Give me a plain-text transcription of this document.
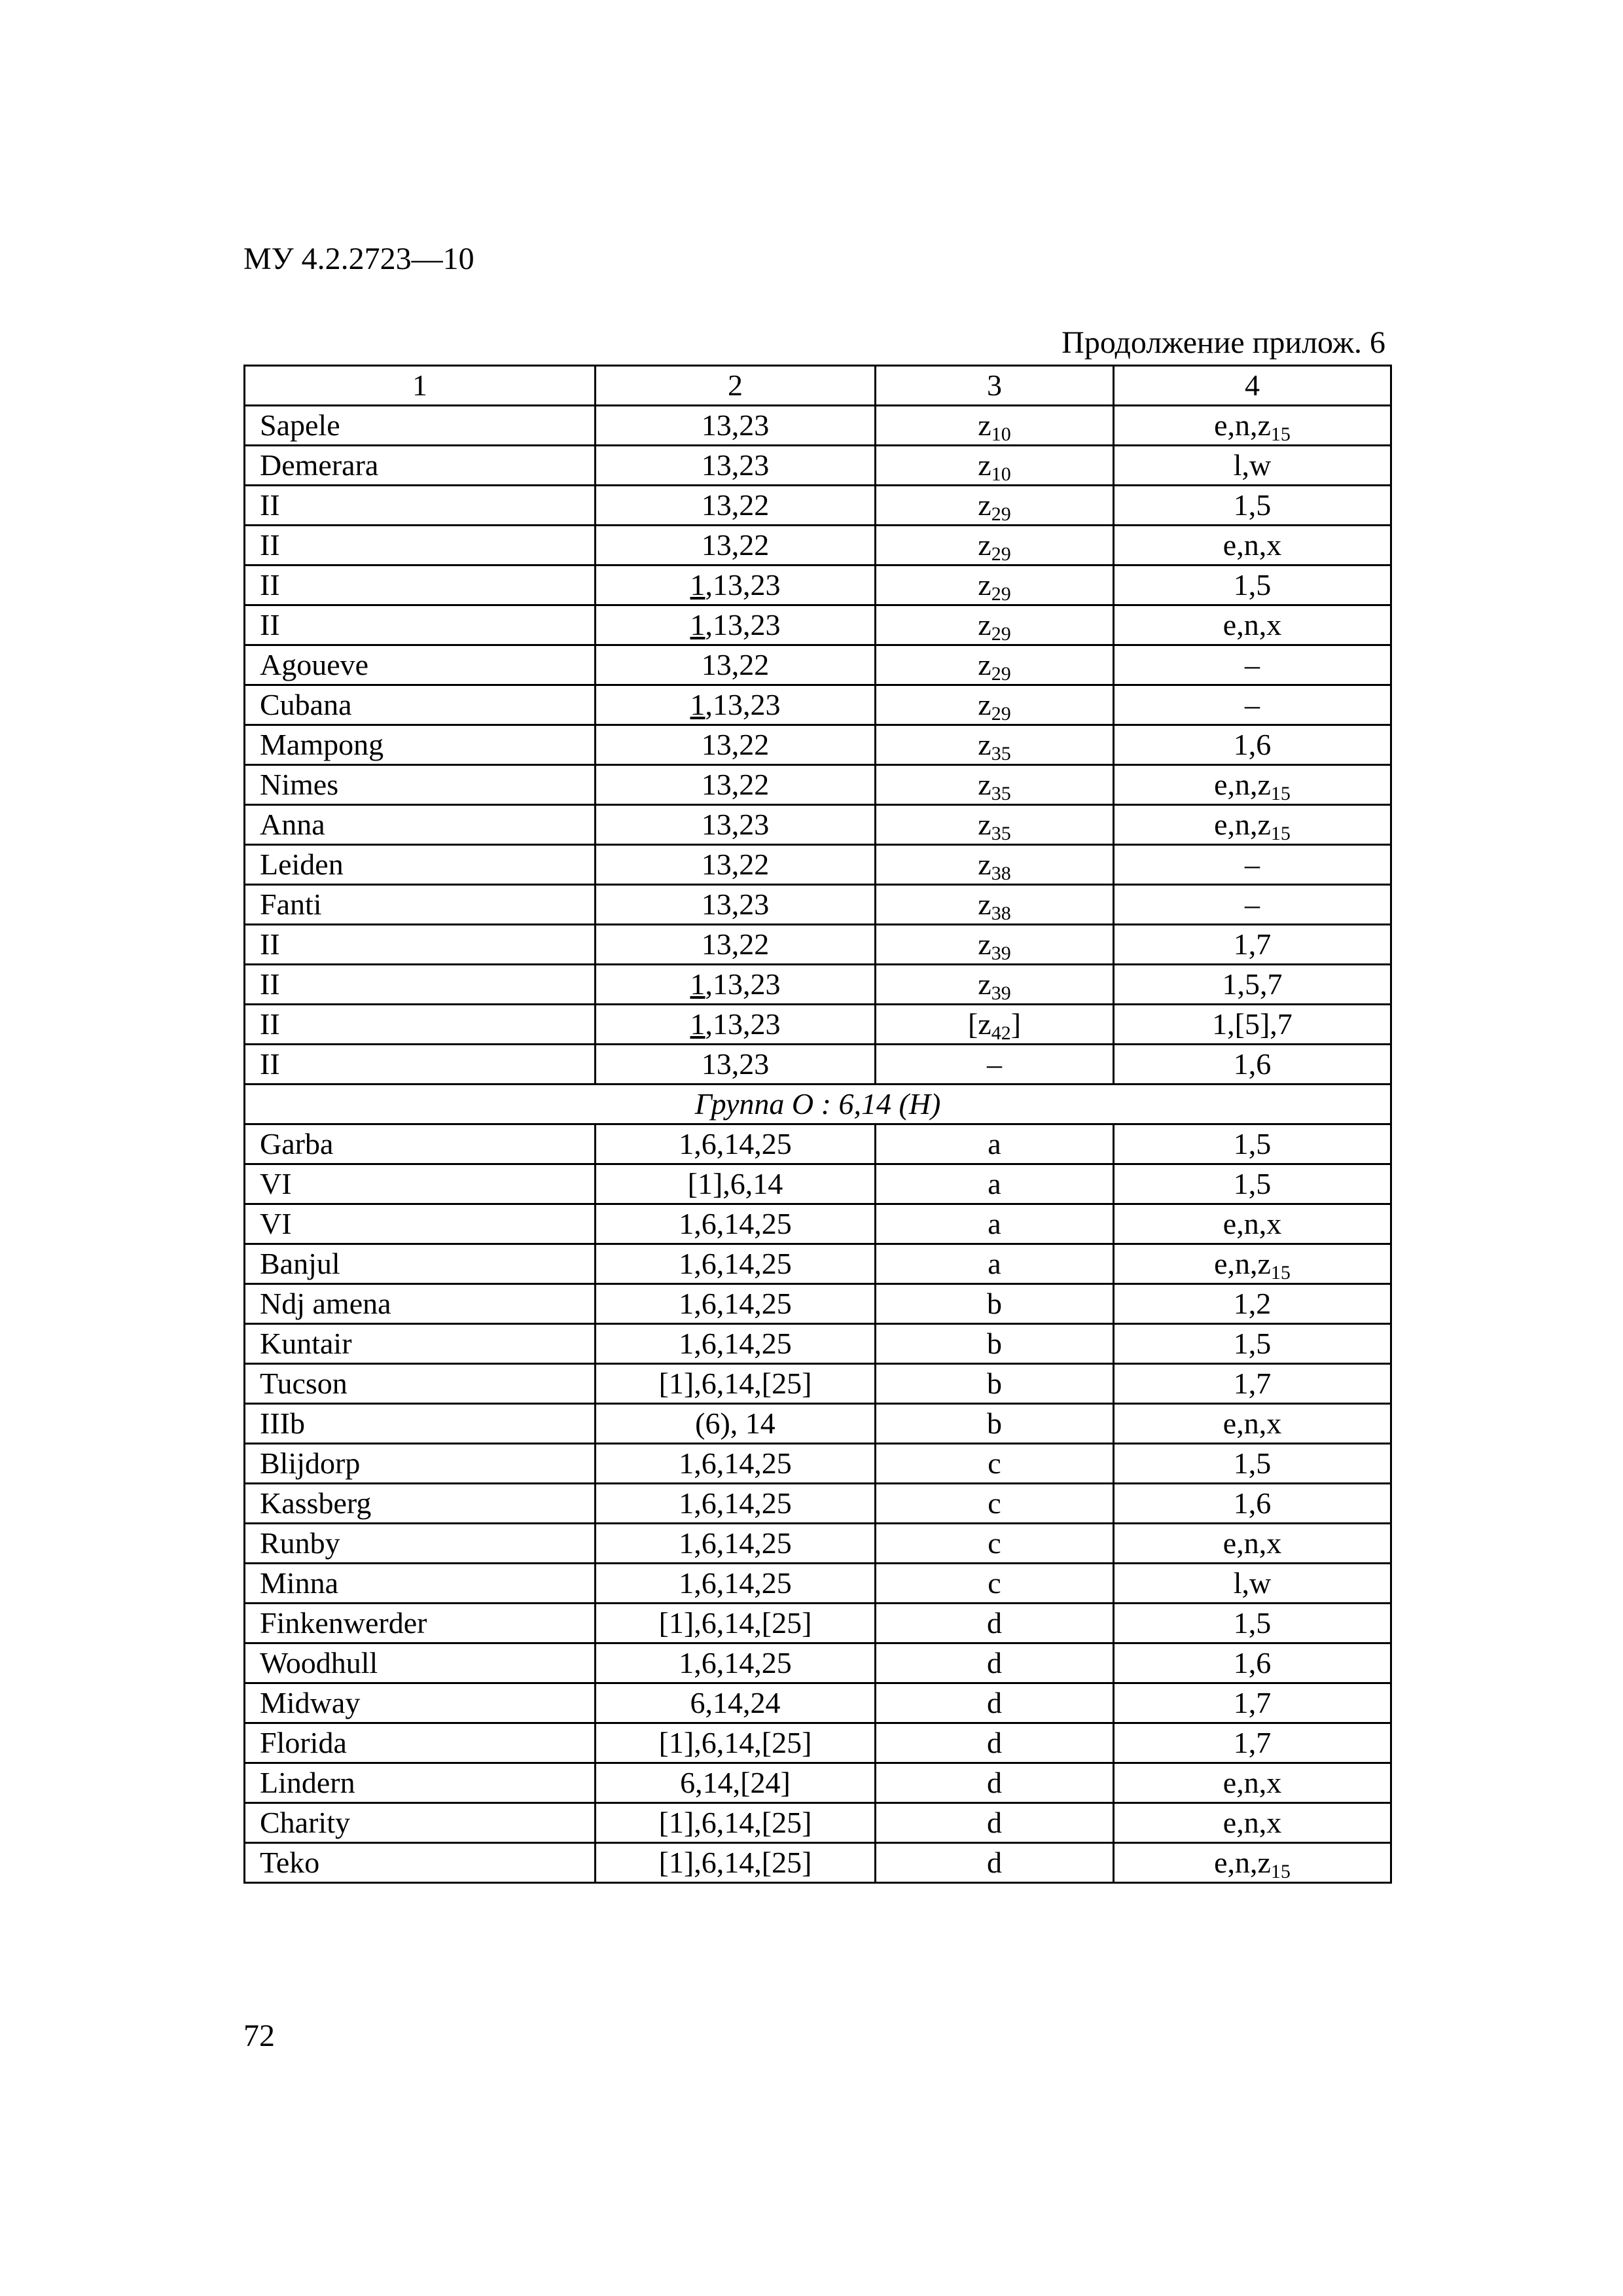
МУ 4.2.2723—10
Продолжение прилож. 6
1	2	3	4
Sapele	13,23	$z_{10}$	$e,n,z_{15}$
Demerara	13,23	$z_{10}$	l,w
II	13,22	$z_{29}$	1,5
II	13,22	$z_{29}$	e,n,x
II	1,13,23	$z_{29}$	1,5
II	1,13,23	$z_{29}$	e,n,x
Agoueve	13,22	$z_{29}$	–
Cubana	1,13,23	$z_{29}$	–
Mampong	13,22	$z_{35}$	1,6
Nimes	13,22	$z_{35}$	$e,n,z_{15}$
Anna	13,23	$z_{35}$	$e,n,z_{15}$
Leiden	13,22	$z_{38}$	–
Fanti	13,23	$z_{38}$	–
II	13,22	$z_{39}$	1,7
II	1,13,23	$z_{39}$	1,5,7
II	1,13,23	$[z_{42}]$	1,[5],7
II	13,23	–	1,6
Группа O : 6,14 (H)			
Garba	1,6,14,25	a	1,5
VI	[1],6,14	a	1,5
VI	1,6,14,25	a	e,n,x
Banjul	1,6,14,25	a	$e,n,z_{15}$
Ndj amena	1,6,14,25	b	1,2
Kuntair	1,6,14,25	b	1,5
Tucson	[1],6,14,[25]	b	1,7
IIIb	(6), 14	b	e,n,x
Blijdorp	1,6,14,25	c	1,5
Kassberg	1,6,14,25	c	1,6
Runby	1,6,14,25	c	e,n,x
Minna	1,6,14,25	c	l,w
Finkenwerder	[1],6,14,[25]	d	1,5
Woodhull	1,6,14,25	d	1,6
Midway	6,14,24	d	1,7
Florida	[1],6,14,[25]	d	1,7
Lindern	6,14,[24]	d	e,n,x
Charity	[1],6,14,[25]	d	e,n,x
Teko	[1],6,14,[25]	d	$e,n,z_{15}$
72
